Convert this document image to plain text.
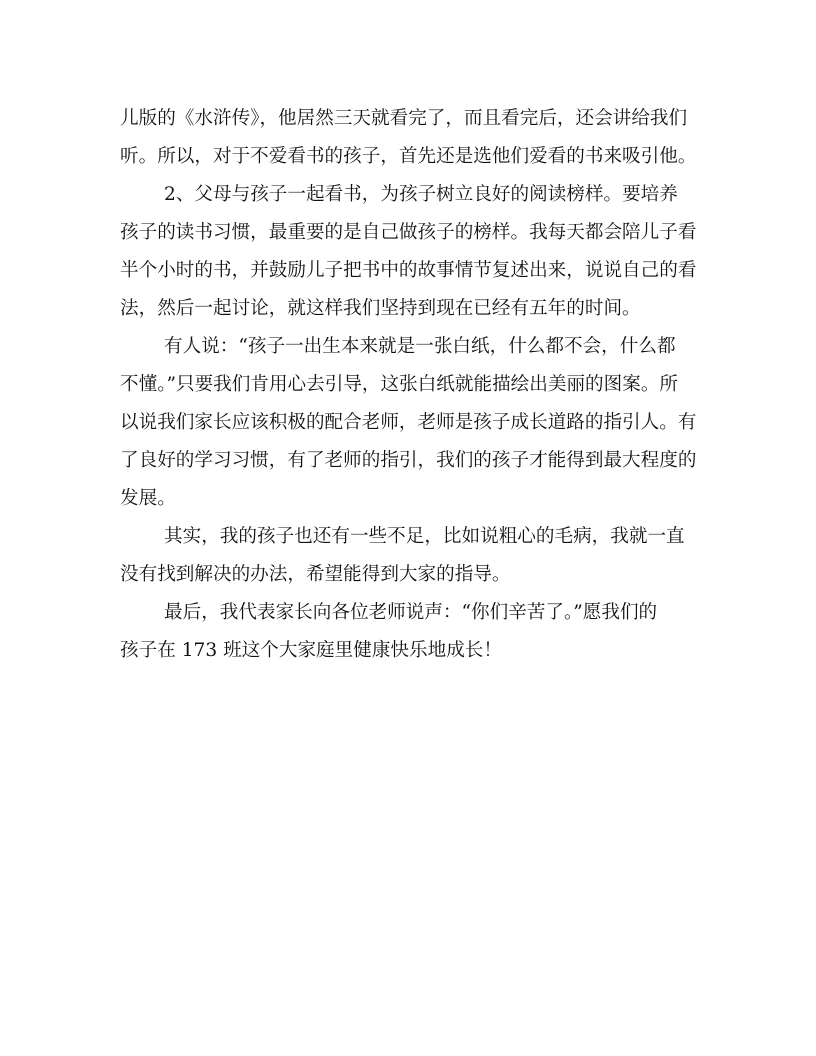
儿版的《水浒传》，他居然三天就看完了，而且看完后，还会讲给我们
听。所以，对于不爱看书的孩子，首先还是选他们爱看的书来吸引他。
2、父母与孩子一起看书，为孩子树立良好的阅读榜样。要培养
孩子的读书习惯，最重要的是自己做孩子的榜样。我每天都会陪儿子看
半个小时的书，并鼓励儿子把书中的故事情节复述出来，说说自己的看
法，然后一起讨论，就这样我们坚持到现在已经有五年的时间。
有人说：“孩子一出生本来就是一张白纸，什么都不会，什么都
不懂。”只要我们肯用心去引导，这张白纸就能描绘出美丽的图案。所
以说我们家长应该积极的配合老师，老师是孩子成长道路的指引人。有
了良好的学习习惯，有了老师的指引，我们的孩子才能得到最大程度的
发展。
其实，我的孩子也还有一些不足，比如说粗心的毛病，我就一直
没有找到解决的办法，希望能得到大家的指导。
最后，我代表家长向各位老师说声：“你们辛苦了。”愿我们的
孩子在 173 班这个大家庭里健康快乐地成长！
